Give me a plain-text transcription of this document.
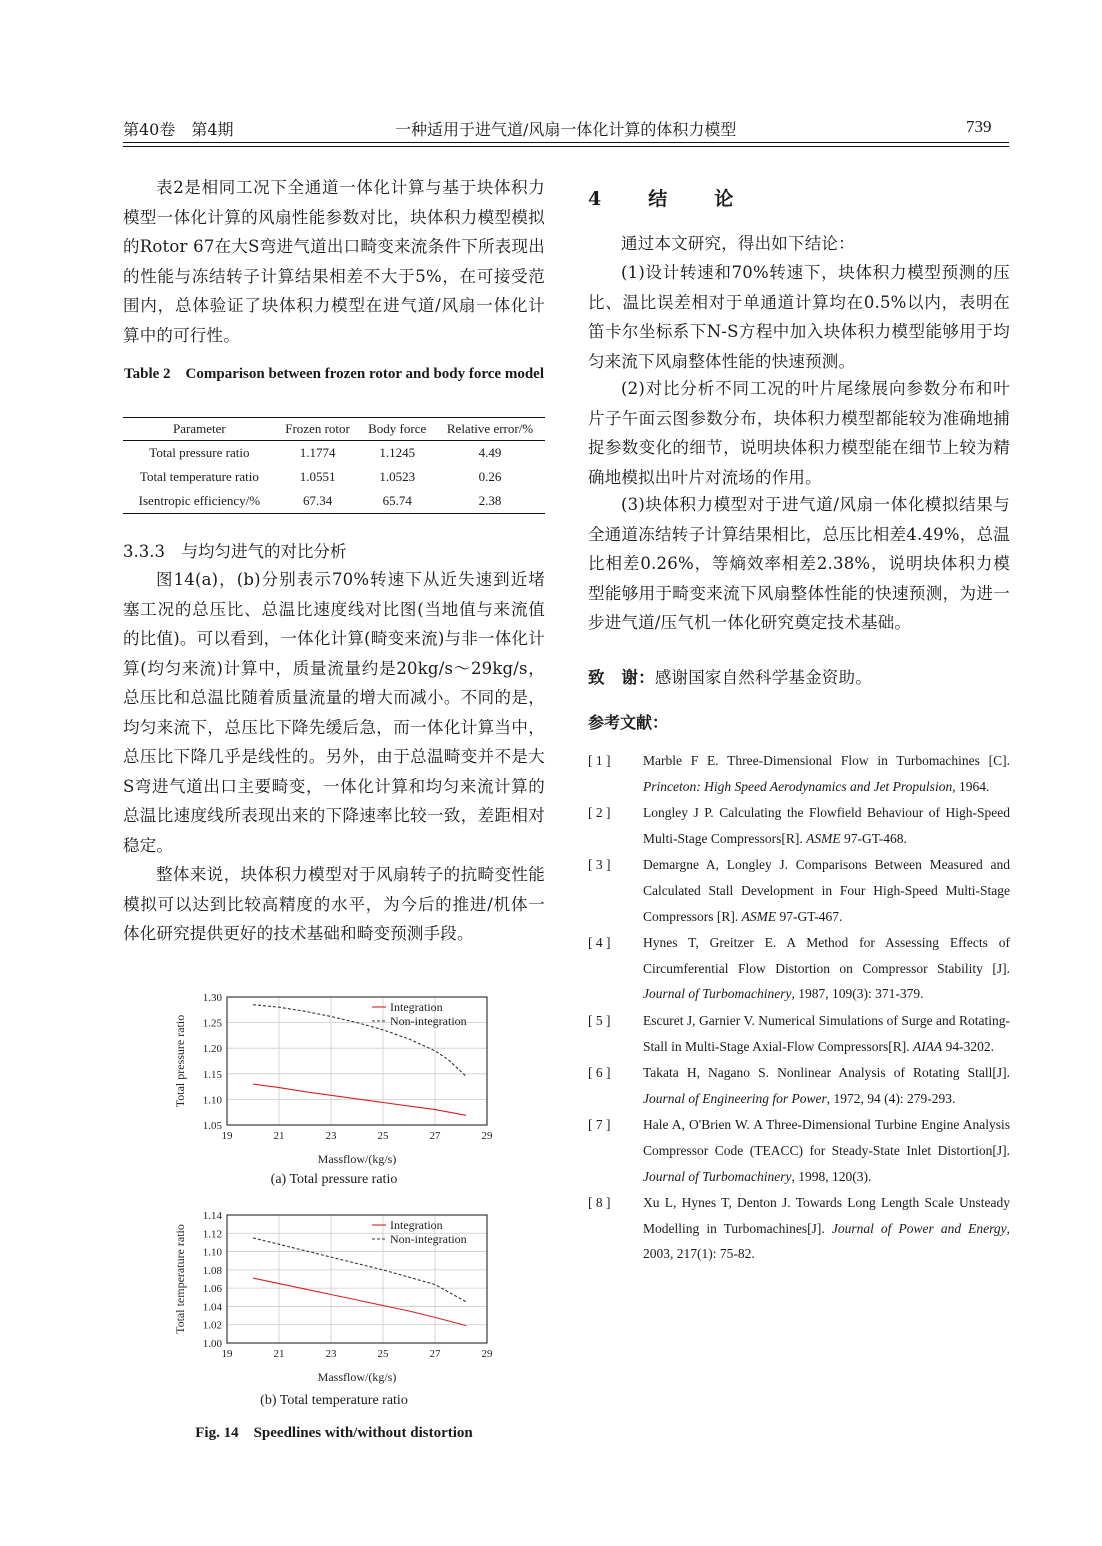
第40卷　第4期	一种适用于进气道/风扇一体化计算的体积力模型	739

表2是相同工况下全通道一体化计算与基于块体积力模型一体化计算的风扇性能参数对比，块体积力模型模拟的Rotor 67在大S弯进气道出口畸变来流条件下所表现出的性能与冻结转子计算结果相差不大于5%，在可接受范围内，总体验证了块体积力模型在进气道/风扇一体化计算中的可行性。

Table 2　Comparison between frozen rotor and body force model
Parameter	Frozen rotor	Body force	Relative error/%
Total pressure ratio	1.1774	1.1245	4.49
Total temperature ratio	1.0551	1.0523	0.26
Isentropic efficiency/%	67.34	65.74	2.38
3.3.3　与均匀进气的对比分析

图14(a)，(b)分别表示70%转速下从近失速到近堵塞工况的总压比、总温比速度线对比图(当地值与来流值的比值)。可以看到，一体化计算(畸变来流)与非一体化计算(均匀来流)计算中，质量流量约是20kg/s～29kg/s，总压比和总温比随着质量流量的增大而减小。不同的是，均匀来流下，总压比下降先缓后急，而一体化计算当中，总压比下降几乎是线性的。另外，由于总温畸变并不是大S弯进气道出口主要畸变，一体化计算和均匀来流计算的总温比速度线所表现出来的下降速率比较一致，差距相对稳定。

整体来说，块体积力模型对于风扇转子的抗畸变性能模拟可以达到比较高精度的水平，为今后的推进/机体一体化研究提供更好的技术基础和畸变预测手段。

1.05
1.10
1.15
1.20
1.25
1.30
19	21	23	25	27	29
Massflow/(kg/s)
Total pressure ratio
Integration
Non-integration
(a) Total pressure ratio
1.00
1.02
1.04
1.06
1.08
1.10
1.12
1.14
19	21	23	25	27	29
Massflow/(kg/s)
Total temperature ratio	Integration
Non-integration
(b) Total temperature ratio
Fig. 14　Speedlines with/without distortion
4　结　论

通过本文研究，得出如下结论：

(1)设计转速和70%转速下，块体积力模型预测的压比、温比误差相对于单通道计算均在0.5%以内，表明在笛卡尔坐标系下N-S方程中加入块体积力模型能够用于均匀来流下风扇整体性能的快速预测。

(2)对比分析不同工况的叶片尾缘展向参数分布和叶片子午面云图参数分布，块体积力模型都能较为准确地捕捉参数变化的细节，说明块体积力模型能在细节上较为精确地模拟出叶片对流场的作用。

(3)块体积力模型对于进气道/风扇一体化模拟结果与全通道冻结转子计算结果相比，总压比相差4.49%，总温比相差0.26%，等熵效率相差2.38%，说明块体积力模型能够用于畸变来流下风扇整体性能的快速预测，为进一步进气道/压气机一体化研究奠定技术基础。

致　谢：感谢国家自然科学基金资助。
参考文献：
[ 1 ] Marble F E. Three-Dimensional Flow in Turbomachines [C]. Princeton: High Speed Aerodynamics and Jet Propulsion, 1964.
[ 2 ] Longley J P. Calculating the Flowfield Behaviour of High-Speed Multi-Stage Compressors[R]. ASME 97-GT-468.
[ 3 ] Demargne A, Longley J. Comparisons Between Measured and Calculated Stall Development in Four High-Speed Multi-Stage Compressors [R]. ASME 97-GT-467.
[ 4 ] Hynes T, Greitzer E. A Method for Assessing Effects of Circumferential Flow Distortion on Compressor Stability [J]. Journal of Turbomachinery, 1987, 109(3): 371-379.
[ 5 ] Escuret J, Garnier V. Numerical Simulations of Surge and Rotating-Stall in Multi-Stage Axial-Flow Compressors[R]. AIAA 94-3202.
[ 6 ] Takata H, Nagano S. Nonlinear Analysis of Rotating Stall[J]. Journal of Engineering for Power, 1972, 94 (4): 279-293.
[ 7 ] Hale A, O'Brien W. A Three-Dimensional Turbine Engine Analysis Compressor Code (TEACC) for Steady-State Inlet Distortion[J]. Journal of Turbomachinery, 1998, 120(3).
[ 8 ] Xu L, Hynes T, Denton J. Towards Long Length Scale Unsteady Modelling in Turbomachines[J]. Journal of Power and Energy, 2003, 217(1): 75-82.
